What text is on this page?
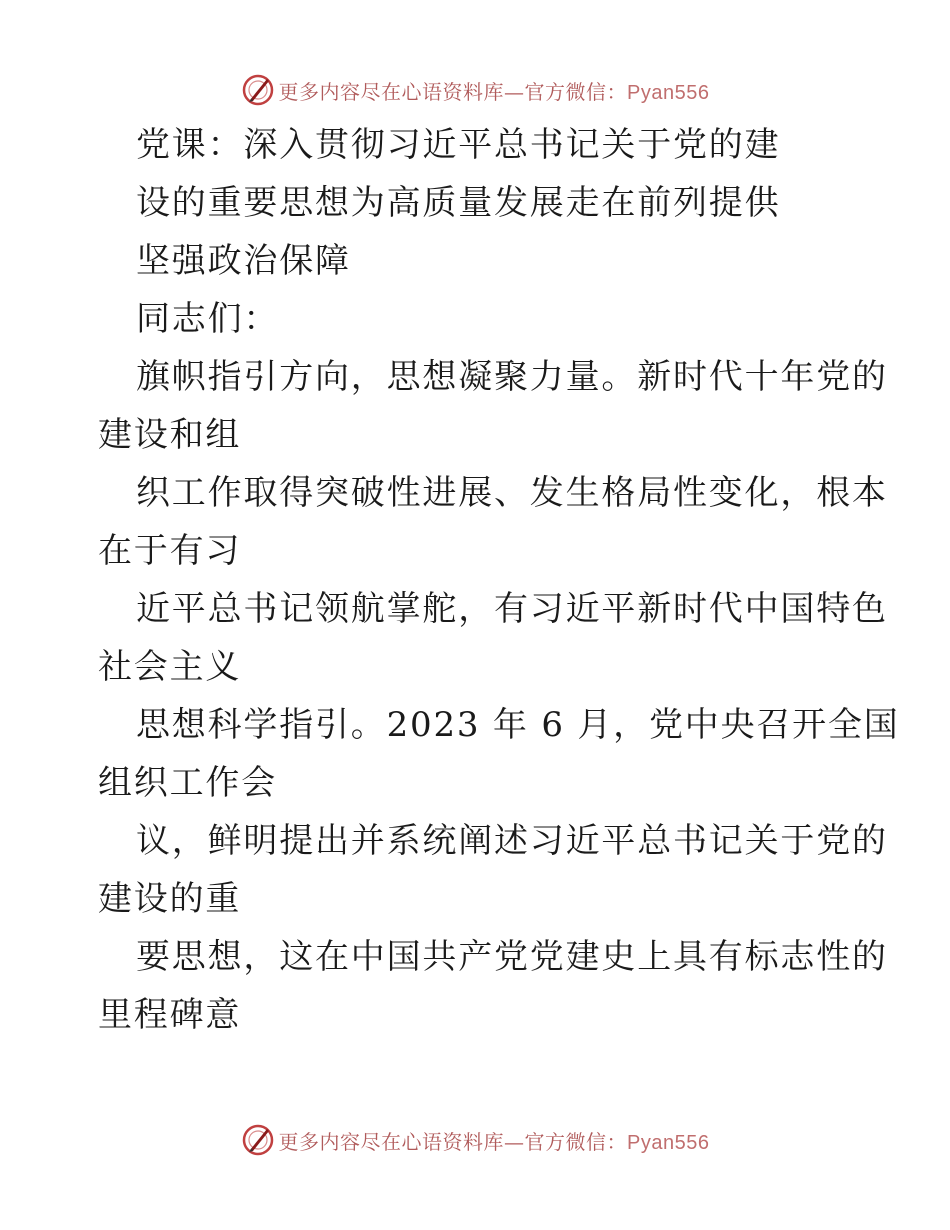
更多内容尽在心语资料库—官方微信：Pyan556
党课：深入贯彻习近平总书记关于党的建
设的重要思想为高质量发展走在前列提供
坚强政治保障
同志们：
旗帜指引方向，思想凝聚力量。新时代十年党的
建设和组
织工作取得突破性进展、发生格局性变化，根本
在于有习
近平总书记领航掌舵，有习近平新时代中国特色
社会主义
思想科学指引。2023 年 6 月，党中央召开全国
组织工作会
议，鲜明提出并系统阐述习近平总书记关于党的
建设的重
要思想，这在中国共产党党建史上具有标志性的
里程碑意
更多内容尽在心语资料库—官方微信：Pyan556
